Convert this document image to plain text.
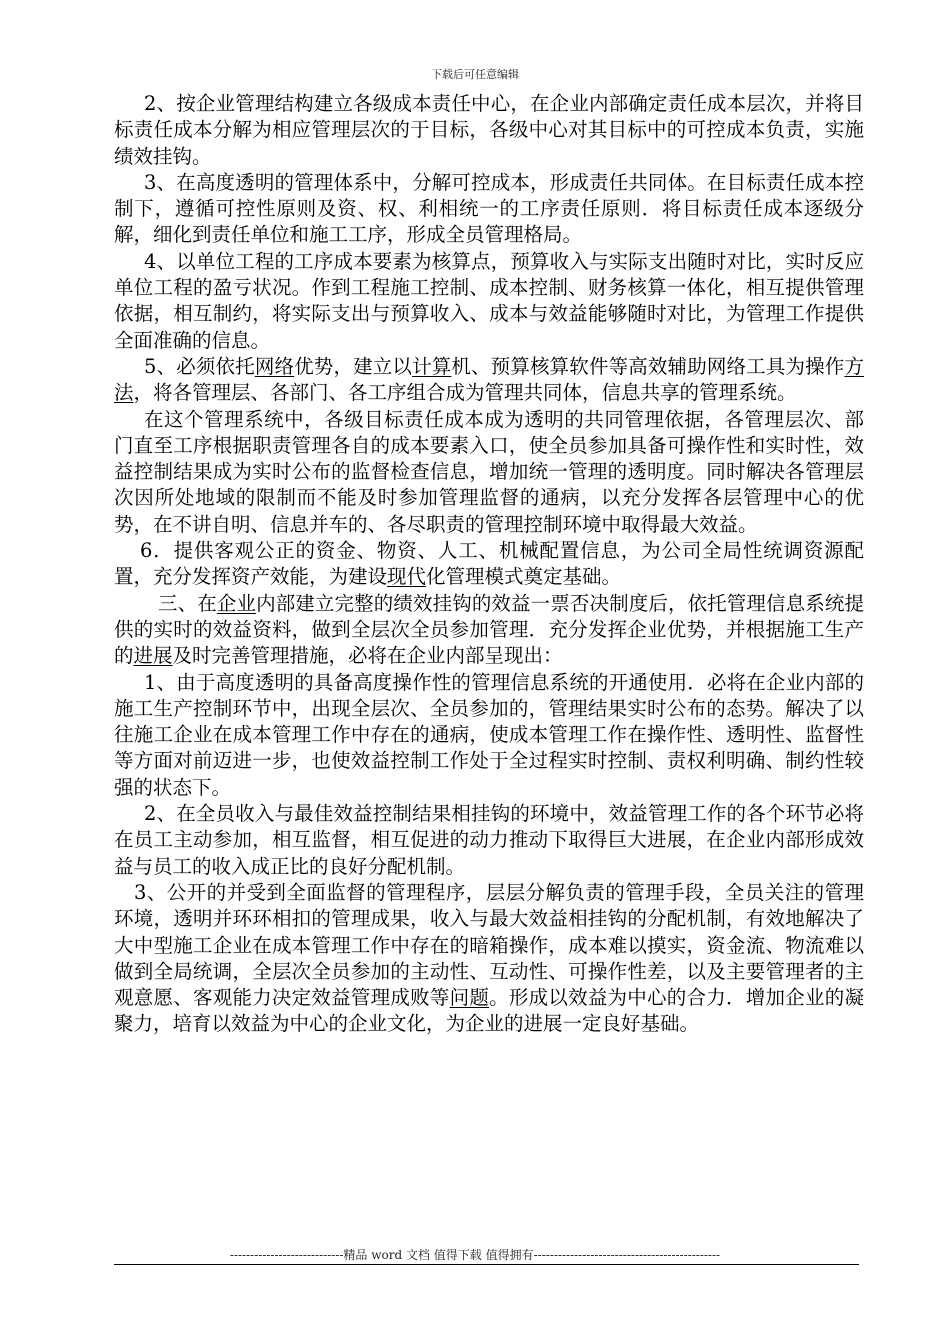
下载后可任意编辑

2、按企业管理结构建立各级成本责任中心，在企业内部确定责任成本层次，并将目标责任成本分解为相应管理层次的于目标，各级中心对其目标中的可控成本负责，实施绩效挂钩。

3、在高度透明的管理体系中，分解可控成本，形成责任共同体。在目标责任成本控制下，遵循可控性原则及资、权、利相统一的工序责任原则．将目标责任成本逐级分解，细化到责任单位和施工工序，形成全员管理格局。

4、以单位工程的工序成本要素为核算点，预算收入与实际支出随时对比，实时反应单位工程的盈亏状况。作到工程施工控制、成本控制、财务核算一体化，相互提供管理依据，相互制约，将实际支出与预算收入、成本与效益能够随时对比，为管理工作提供全面准确的信息。

5、必须依托网络优势，建立以计算机、预算核算软件等高效辅助网络工具为操作方法，将各管理层、各部门、各工序组合成为管理共同体，信息共享的管理系统。

在这个管理系统中，各级目标责任成本成为透明的共同管理依据，各管理层次、部门直至工序根据职责管理各自的成本要素入口，使全员参加具备可操作性和实时性，效益控制结果成为实时公布的监督检查信息，增加统一管理的透明度。同时解决各管理层次因所处地域的限制而不能及时参加管理监督的通病，以充分发挥各层管理中心的优势，在不讲自明、信息并车的、各尽职责的管理控制环境中取得最大效益。

6．提供客观公正的资金、物资、人工、机械配置信息，为公司全局性统调资源配置，充分发挥资产效能，为建设现代化管理模式奠定基础。

三、在企业内部建立完整的绩效挂钩的效益一票否决制度后，依托管理信息系统提供的实时的效益资料，做到全层次全员参加管理．充分发挥企业优势，并根据施工生产的进展及时完善管理措施，必将在企业内部呈现出：

1、由于高度透明的具备高度操作性的管理信息系统的开通使用．必将在企业内部的施工生产控制环节中，出现全层次、全员参加的，管理结果实时公布的态势。解决了以往施工企业在成本管理工作中存在的通病，使成本管理工作在操作性、透明性、监督性等方面对前迈进一步，也使效益控制工作处于全过程实时控制、责权利明确、制约性较强的状态下。

2、在全员收入与最佳效益控制结果相挂钩的环境中，效益管理工作的各个环节必将在员工主动参加，相互监督，相互促进的动力推动下取得巨大进展，在企业内部形成效益与员工的收入成正比的良好分配机制。

3、公开的并受到全面监督的管理程序，层层分解负责的管理手段，全员关注的管理环境，透明并环环相扣的管理成果，收入与最大效益相挂钩的分配机制，有效地解决了大中型施工企业在成本管理工作中存在的暗箱操作，成本难以摸实，资金流、物流难以做到全局统调，全层次全员参加的主动性、互动性、可操作性差，以及主要管理者的主观意愿、客观能力决定效益管理成败等问题。形成以效益为中心的合力．增加企业的凝聚力，培育以效益为中心的企业文化，为企业的进展一定良好基础。

----------------------------精品 word 文档 值得下载 值得拥有----------------------------------------------
